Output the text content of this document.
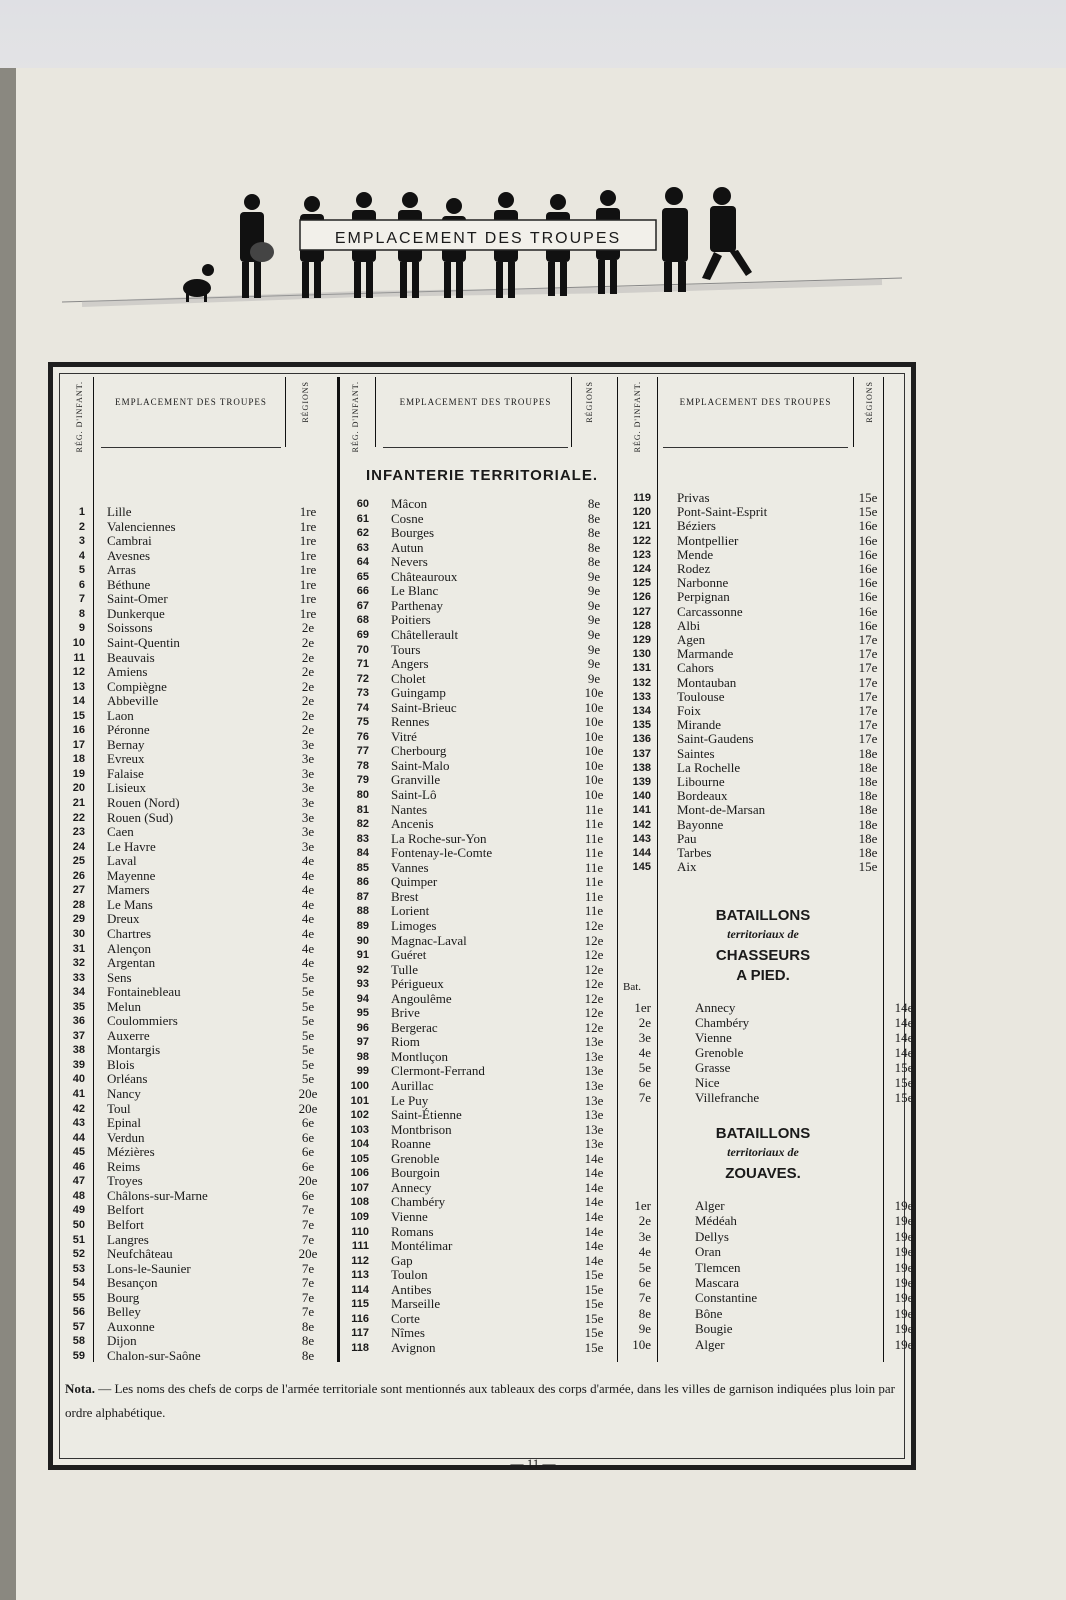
EMPLACEMENT DES TROUPES
RÉG. D'INFANT.	EMPLACEMENT DES TROUPES	RÉGIONS	RÉG. D'INFANT.	EMPLACEMENT DES TROUPES	RÉGIONS	RÉG. D'INFANT.	EMPLACEMENT DES TROUPES	RÉGIONS
INFANTERIE TERRITORIALE.
1 Lille	1re
2 Valenciennes	1re
3 Cambrai	1re
4 Avesnes	1re
5 Arras	1re
6 Béthune	1re
7 Saint-Omer	1re
8 Dunkerque	1re
9 Soissons	2e
10 Saint-Quentin	2e
11 Beauvais	2e
12 Amiens	2e
13 Compiègne	2e
14 Abbeville	2e
15 Laon	2e
16 Péronne	2e
17 Bernay	3e
18 Evreux	3e
19 Falaise	3e
20 Lisieux	3e
21 Rouen (Nord)	3e
22 Rouen (Sud)	3e
23 Caen	3e
24 Le Havre	3e
25 Laval	4e
26 Mayenne	4e
27 Mamers	4e
28 Le Mans	4e
29 Dreux	4e
30 Chartres	4e
31 Alençon	4e
32 Argentan	4e
33 Sens	5e
34 Fontainebleau	5e
35 Melun	5e
36 Coulommiers	5e
37 Auxerre	5e
38 Montargis	5e
39 Blois	5e
40 Orléans	5e
41 Nancy	20e
42 Toul	20e
43 Epinal	6e
44 Verdun	6e
45 Mézières	6e
46 Reims	6e
47 Troyes	20e
48 Châlons-sur-Marne	6e
49 Belfort	7e
50 Belfort	7e
51 Langres	7e
52 Neufchâteau	20e
53 Lons-le-Saunier	7e
54 Besançon	7e
55 Bourg	7e
56 Belley	7e
57 Auxonne	8e
58 Dijon	8e
59 Chalon-sur-Saône	8e
60 Mâcon	8e
61 Cosne	8e
62 Bourges	8e
63 Autun	8e
64 Nevers	8e
65 Châteauroux	9e
66 Le Blanc	9e
67 Parthenay	9e
68 Poitiers	9e
69 Châtellerault	9e
70 Tours	9e
71 Angers	9e
72 Cholet	9e
73 Guingamp	10e
74 Saint-Brieuc	10e
75 Rennes	10e
76 Vitré	10e
77 Cherbourg	10e
78 Saint-Malo	10e
79 Granville	10e
80 Saint-Lô	10e
81 Nantes	11e
82 Ancenis	11e
83 La Roche-sur-Yon	11e
84 Fontenay-le-Comte	11e
85 Vannes	11e
86 Quimper	11e
87 Brest	11e
88 Lorient	11e
89 Limoges	12e
90 Magnac-Laval	12e
91 Guéret	12e
92 Tulle	12e
93 Périgueux	12e
94 Angoulême	12e
95 Brive	12e
96 Bergerac	12e
97 Riom	13e
98 Montluçon	13e
99 Clermont-Ferrand	13e
100 Aurillac	13e
101 Le Puy	13e
102 Saint-Étienne	13e
103 Montbrison	13e
104 Roanne	13e
105 Grenoble	14e
106 Bourgoin	14e
107 Annecy	14e
108 Chambéry	14e
109 Vienne	14e
110 Romans	14e
111 Montélimar	14e
112 Gap	14e
113 Toulon	15e
114 Antibes	15e
115 Marseille	15e
116 Corte	15e
117 Nîmes	15e
118 Avignon	15e
119 Privas	15e
120 Pont-Saint-Esprit	15e
121 Béziers	16e
122 Montpellier	16e
123 Mende	16e
124 Rodez	16e
125 Narbonne	16e
126 Perpignan	16e
127 Carcassonne	16e
128 Albi	16e
129 Agen	17e
130 Marmande	17e
131 Cahors	17e
132 Montauban	17e
133 Toulouse	17e
134 Foix	17e
135 Mirande	17e
136 Saint-Gaudens	17e
137 Saintes	18e
138 La Rochelle	18e
139 Libourne	18e
140 Bordeaux	18e
141 Mont-de-Marsan	18e
142 Bayonne	18e
143 Pau	18e
144 Tarbes	18e
145 Aix	15e
BATAILLONS
territoriaux de
CHASSEURS
A PIED.
Bat.
1er	Annecy	14e
2e	Chambéry	14e
3e	Vienne	14e
4e	Grenoble	14e
5e	Grasse	15e
6e	Nice	15e
7e	Villefranche	15e
BATAILLONS
territoriaux de
ZOUAVES.
1er	Alger	19e
2e	Médéah	19e
3e	Dellys	19e
4e	Oran	19e
5e	Tlemcen	19e
6e	Mascara	19e
7e	Constantine	19e
8e	Bône	19e
9e	Bougie	19e
10e	Alger	19e
Nota. — Les noms des chefs de corps de l'armée territoriale sont mentionnés aux tableaux des corps d'armée, dans les villes de garnison indiquées plus loin par ordre alphabétique.
— 11 —
